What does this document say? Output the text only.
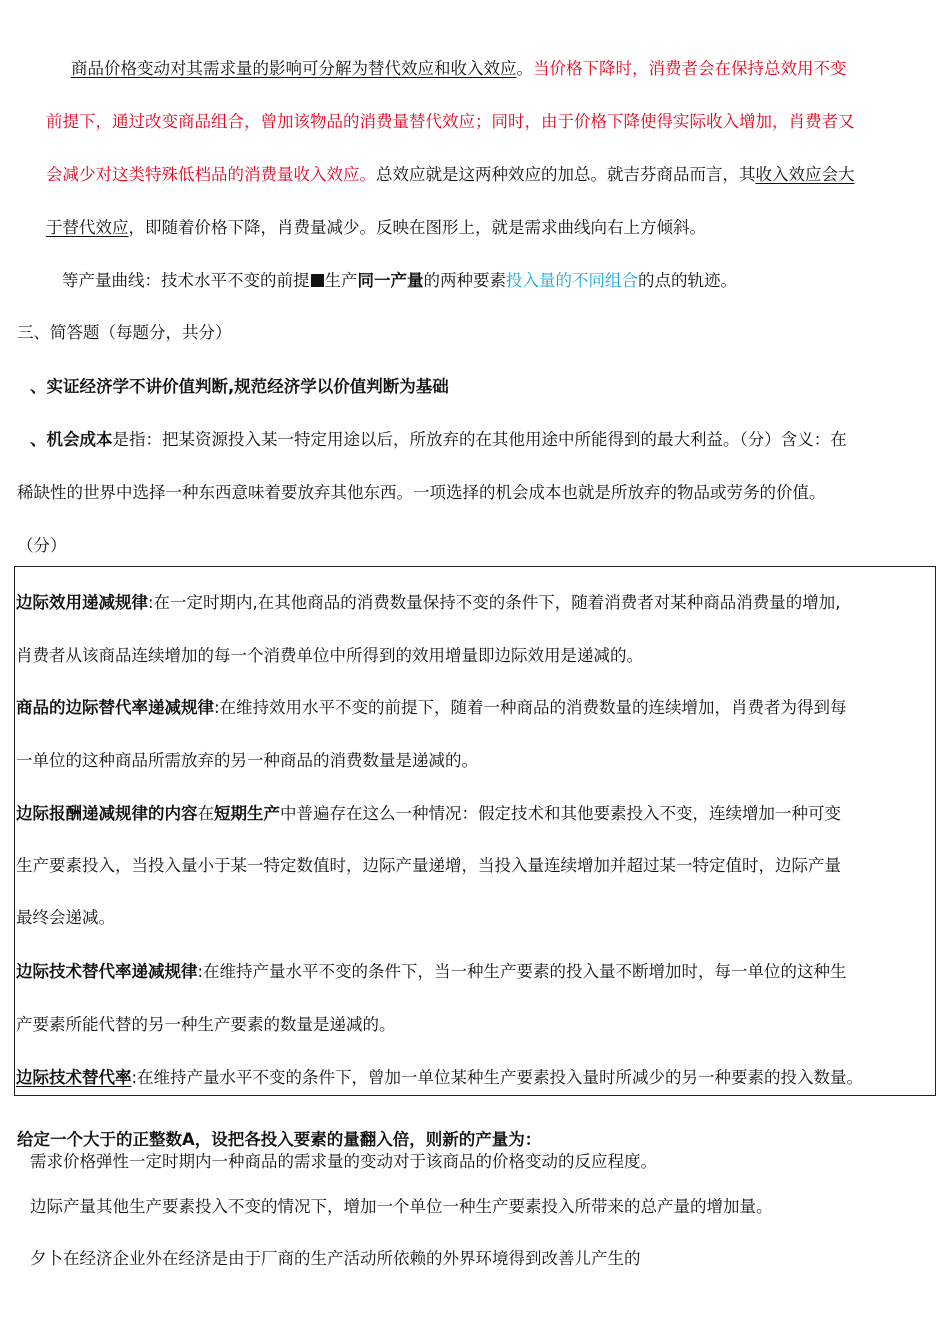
商品价格变动对其需求量的影响可分解为替代效应和收入效应。当价格下降时，消费者会在保持总效用不变
前提下，通过改变商品组合，曾加该物品的消费量替代效应；同时，由于价格下降使得实际收入增加，肖费者又
会减少对这类特殊低档品的消费量收入效应。总效应就是这两种效应的加总。就吉芬商品而言，其收入效应会大
于替代效应，即随着价格下降，肖费量减少。反映在图形上，就是需求曲线向右上方倾斜。
等产量曲线：技术水平不变的前提 生产同一产量的两种要素投入量的不同组合的点的轨迹。
三、简答题（每题分，共分）
、实证经济学不讲价值判断,规范经济学以价值判断为基础
、机会成本是指：把某资源投入某一特定用途以后，所放弃的在其他用途中所能得到的最大利益。（分）含义：在
稀缺性的世界中选择一种东西意味着要放弃其他东西。一项选择的机会成本也就是所放弃的物品或劳务的价值。
（分）
边际效用递减规律:在一定时期内,在其他商品的消费数量保持不变的条件下，随着消费者对某种商品消费量的增加,
肖费者从该商品连续增加的每一个消费单位中所得到的效用增量即边际效用是递减的。
商品的边际替代率递减规律:在维持效用水平不变的前提下，随着一种商品的消费数量的连续增加，肖费者为得到每
一单位的这种商品所需放弃的另一种商品的消费数量是递减的。
边际报酬递减规律的内容在短期生产中普遍存在这么一种情况：假定技术和其他要素投入不变，连续增加一种可变
生产要素投入，当投入量小于某一特定数值时，边际产量递增，当投入量连续增加并超过某一特定值时，边际产量
最终会递减。
边际技术替代率递减规律:在维持产量水平不变的条件下，当一种生产要素的投入量不断增加时，每一单位的这种生
产要素所能代替的另一种生产要素的数量是递减的。
边际技术替代率:在维持产量水平不变的条件下，曾加一单位某种生产要素投入量时所减少的另一种要素的投入数量。
给定一个大于的正整数A，设把各投入要素的量翻入倍，则新的产量为：
需求价格弹性一定时期内一种商品的需求量的变动对于该商品的价格变动的反应程度。
边际产量其他生产要素投入不变的情况下，增加一个单位一种生产要素投入所带来的总产量的增加量。
夕卜在经济企业外在经济是由于厂商的生产活动所依赖的外界环境得到改善儿产生的
